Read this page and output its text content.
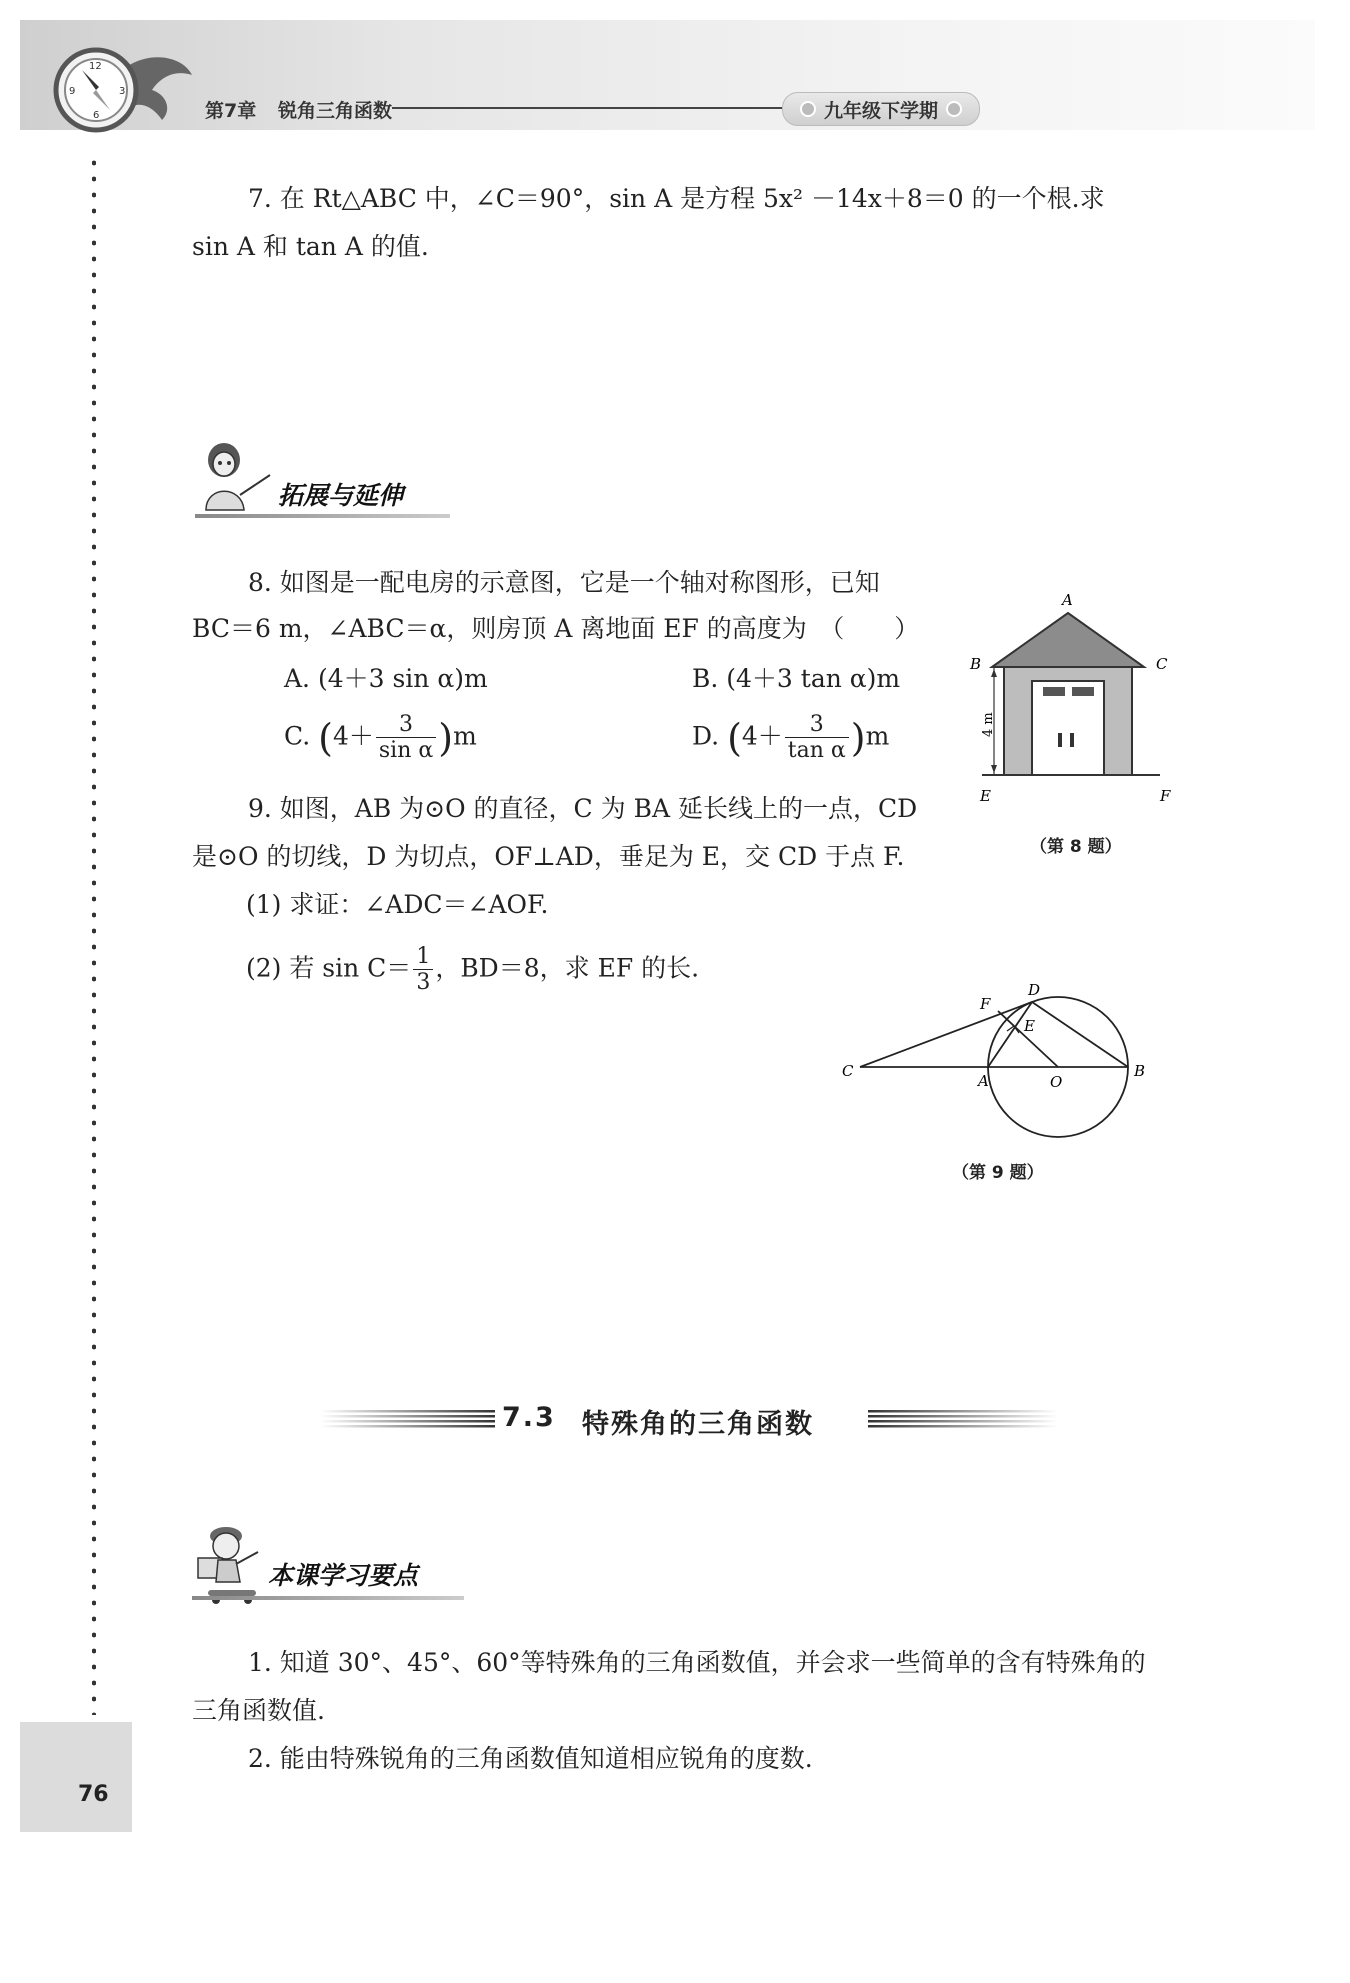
12
3
6
9
第7章 锐角三角函数	九年级下学期
76
7. 在 Rt△ABC 中，∠C＝90°，sin A 是方程 5x² －14x＋8＝0 的一个根.求
sin A 和 tan A 的值.
拓展与延伸
8. 如图是一配电房的示意图，它是一个轴对称图形，已知
BC＝6 m，∠ABC＝α，则房顶 A 离地面 EF 的高度为　（　　）
A. (4＋3 sin α)m	B. (4＋3 tan α)m
C. $(4+ \frac{3}{\text{sin α}} )m$	D. $(4+ \frac{3}{\text{tan α}} )m$
A
B	C
E	F
4 m
（第 8 题）
9. 如图，AB 为⊙O 的直径，C 为 BA 延长线上的一点，CD
是⊙O 的切线，D 为切点，OF⊥AD，垂足为 E，交 CD 于点 F.
(1) 求证：∠ADC＝∠AOF.
(2) 若 $\sin C= \frac{1}{3}$ ，BD＝8，求 EF 的长.
C
A	O
B
D
E
F
（第 9 题）
7.3 特殊角的三角函数
本课学习要点
1. 知道 30°、45°、60°等特殊角的三角函数值，并会求一些简单的含有特殊角的
三角函数值.
2. 能由特殊锐角的三角函数值知道相应锐角的度数.
